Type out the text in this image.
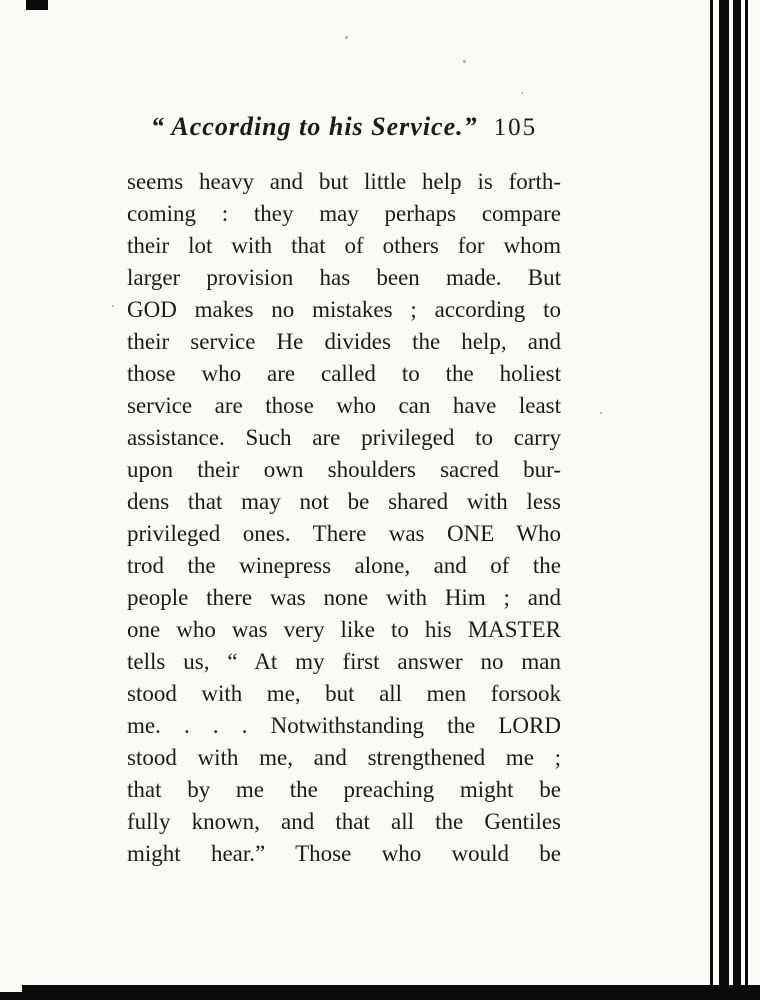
“ According to his Service.” 105
seems heavy and but little help is forth-
coming : they may perhaps compare
their lot with that of others for whom
larger provision has been made. But
GOD makes no mistakes ; according to
their service He divides the help, and
those who are called to the holiest
service are those who can have least
assistance. Such are privileged to carry
upon their own shoulders sacred bur-
dens that may not be shared with less
privileged ones. There was ONE Who
trod the winepress alone, and of the
people there was none with Him ; and
one who was very like to his MASTER
tells us, “ At my first answer no man
stood with me, but all men forsook
me. . . . Notwithstanding the LORD
stood with me, and strengthened me ;
that by me the preaching might be
fully known, and that all the Gentiles
might hear.” Those who would be
